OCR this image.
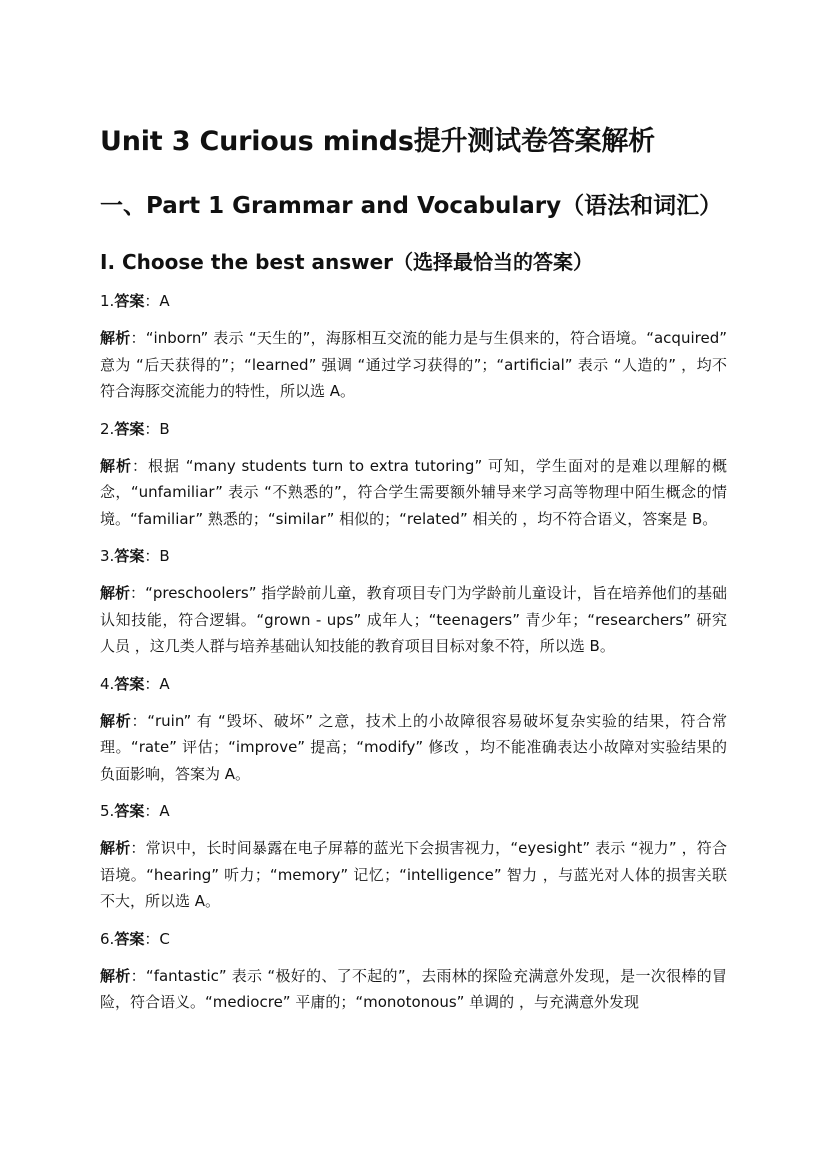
Unit 3 Curious minds提升测试卷答案解析
一、Part 1 Grammar and Vocabulary（语法和词汇）
I. Choose the best answer（选择最恰当的答案）

1.答案：A

解析：“inborn” 表示 “天生的”，海豚相互交流的能力是与生俱来的，符合语境。“acquired” 意为 “后天获得的”；“learned” 强调 “通过学习获得的”；“artificial” 表示 “人造的” ，均不符合海豚交流能力的特性，所以选 A。

2.答案：B

解析：根据 “many students turn to extra tutoring” 可知，学生面对的是难以理解的概念，“unfamiliar” 表示 “不熟悉的”，符合学生需要额外辅导来学习高等物理中陌生概念的情境。“familiar” 熟悉的；“similar” 相似的；“related” 相关的 ，均不符合语义，答案是 B。

3.答案：B

解析：“preschoolers” 指学龄前儿童，教育项目专门为学龄前儿童设计，旨在培养他们的基础认知技能，符合逻辑。“grown - ups” 成年人；“teenagers” 青少年；“researchers” 研究人员 ，这几类人群与培养基础认知技能的教育项目目标对象不符，所以选 B。

4.答案：A

解析：“ruin” 有 “毁坏、破坏” 之意，技术上的小故障很容易破坏复杂实验的结果，符合常理。“rate” 评估；“improve” 提高；“modify” 修改 ，均不能准确表达小故障对实验结果的负面影响，答案为 A。

5.答案：A

解析：常识中，长时间暴露在电子屏幕的蓝光下会损害视力，“eyesight” 表示 “视力” ，符合语境。“hearing” 听力；“memory” 记忆；“intelligence” 智力 ，与蓝光对人体的损害关联不大，所以选 A。

6.答案：C

解析：“fantastic” 表示 “极好的、了不起的”，去雨林的探险充满意外发现，是一次很棒的冒险，符合语义。“mediocre” 平庸的；“monotonous” 单调的 ，与充满意外发现
